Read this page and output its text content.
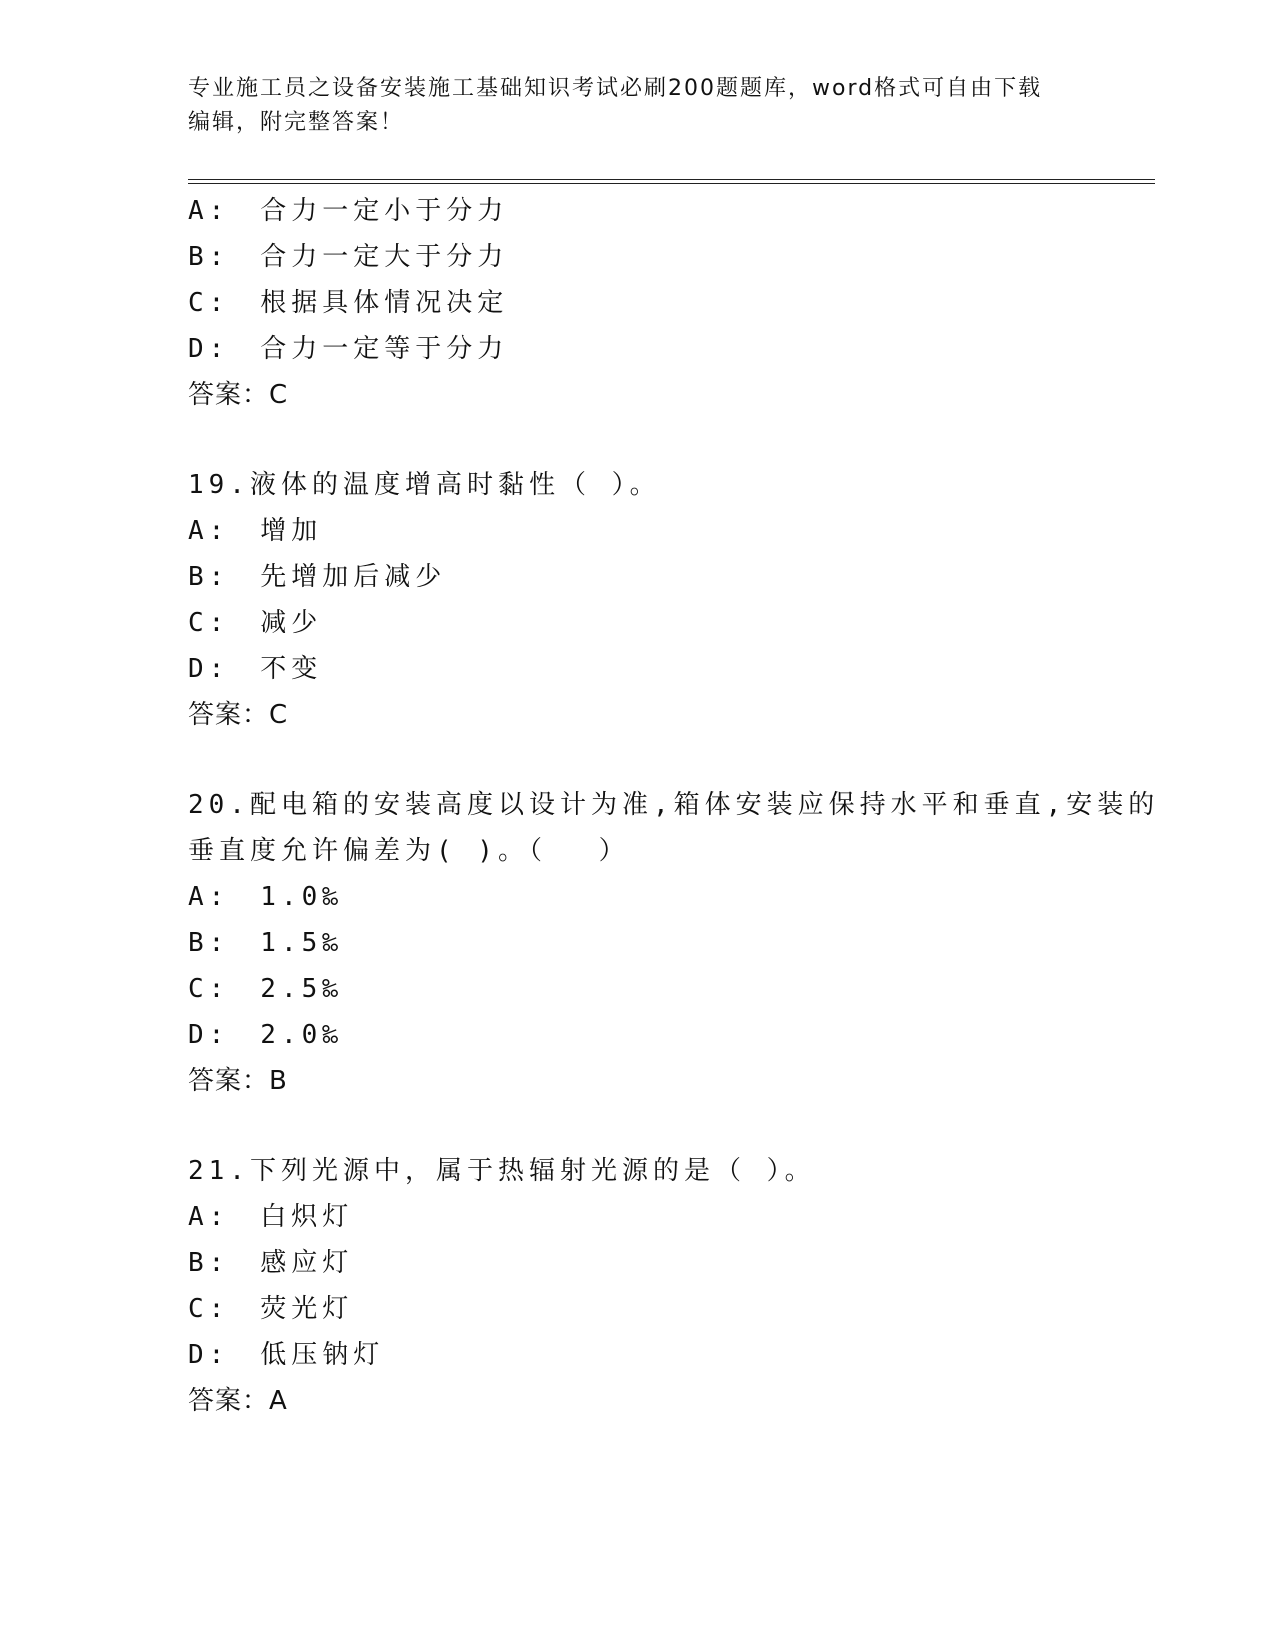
专业施工员之设备安装施工基础知识考试必刷200题题库，word格式可自由下载
编辑，附完整答案！
A:　合力一定小于分力
B:　合力一定大于分力
C:　根据具体情况决定
D:　合力一定等于分力
答案：C
19.液体的温度增高时黏性（ ）。
A:　增加
B:　先增加后减少
C:　减少
D:　不变
答案：C
20.配电箱的安装高度以设计为准,箱体安装应保持水平和垂直,安装的
垂直度允许偏差为( )。（　 ）
A:　1.0‰
B:　1.5‰
C:　2.5‰
D:　2.0‰
答案：B
21.下列光源中，属于热辐射光源的是（ ）。
A:　白炽灯
B:　感应灯
C:　荧光灯
D:　低压钠灯
答案：A
